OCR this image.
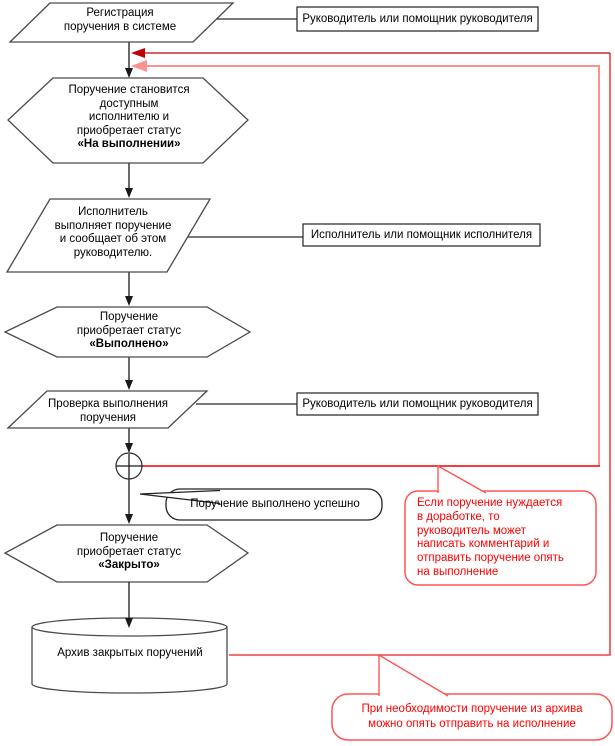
Регистрация
поручения в системе
Руководитель или помощник руководителя
Поручение становится
доступным
исполнителю и
приобретает статус
«На выполнении»
Исполнитель
выполняет поручение
и сообщает об этом
руководителю.
Исполнитель или помощник исполнителя
Поручение
приобретает статус
«Выполнено»
Проверка выполнения
поручения
Руководитель или помощник руководителя
Поручение выполнено успешно
Поручение
приобретает статус
«Закрыто»
Архив закрытых поручений
Если поручение нуждается
в доработке, то
руководитель может
написать комментарий и
отправить поручение опять
на выполнение
При необходимости поручение из архива
можно опять отправить на исполнение
